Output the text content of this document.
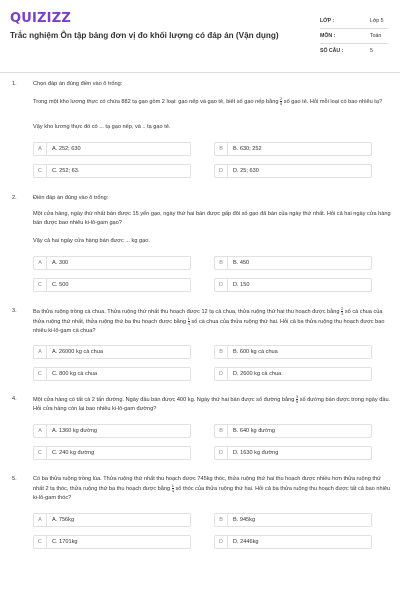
QUIZIZZ
Trắc nghiệm Ôn tập bảng đơn vị đo khối lượng có đáp án (Vận dụng)
LỚP :	Lớp 5
MÔN :	Toán
SỐ CÂU :	5
1.	Chọn đáp án đúng điền vào ô trống:
Trong một kho lương thực có chứa 882 tạ gạo gồm 2 loại: gạo nếp và gạo tẻ, biết số gạo nếp bằng $\frac{2}{5}$ số gạo tẻ. Hỏi mỗi loại có bao nhiêu tạ?
Vậy kho lương thực đó có ... tạ gạo nếp, và .. tạ gạo tẻ.
A	A. 252; 630	B	B. 630; 252
C	C. 252; 63.	D	D. 25; 630
2.	Điền đáp án đúng vào ô trống:
Một cửa hàng, ngày thứ nhất bán được 15 yến gạo, ngày thứ hai bán được gấp đôi số gạo đã bán của ngày thứ nhất. Hỏi cả hai ngày cửa hàng bán được bao nhiêu ki-lô-gam gạo?
Vậy cả hai ngày cửa hàng bán được ... kg gạo.
A	A. 300	B	B. 450
C	C. 500	D	D. 150
3.	Ba thửa ruộng trồng cà chua. Thửa ruộng thứ nhất thu hoạch được 12 tạ cà chua, thửa ruộng thứ hai thu hoạch được bằng $\frac{2}{3}$ số cà chua của thửa ruộng thứ nhất, thửa ruộng thứ ba thu hoạch được bằng $\frac{1}{4}$ số cà chua của thửa ruộng thứ hai. Hỏi cả ba thửa ruộng thu hoạch được bao nhiêu ki-lô-gam cà chua?
A	A. 26000 kg cà chua	B	B. 600 kg cà chua
C	C. 800 kg cà chua	D	D. 2600 kg cà chua
4.	Một cửa hàng có tất cả 2 tấn đường. Ngày đầu bán được 400 kg. Ngày thứ hai bán được số đường bằng $\frac{3}{5}$ số đường bán được trong ngày đầu. Hỏi cửa hàng còn lại bao nhiêu ki-lô-gam đường?
A	A. 1360 kg đường	B	B. 640 kg đường
C	C. 240 kg đường	D	D. 1630 kg đường
5.	Có ba thửa ruộng trồng lúa. Thửa ruộng thứ nhất thu hoạch được 745kg thóc, thửa ruộng thứ hai thu hoạch được nhiều hơn thửa ruộng thứ nhất 2 tạ thóc, thửa ruộng thứ ba thu hoạch được bằng $\frac{1}{4}$ số thóc của thửa ruộng thứ hai. Hỏi cả ba thửa ruộng thu hoạch được tất cả bao nhiêu ki-lô-gam thóc?
A	A. 756kg	B	B. 945kg
C	C. 1701kg	D	D. 2446kg
